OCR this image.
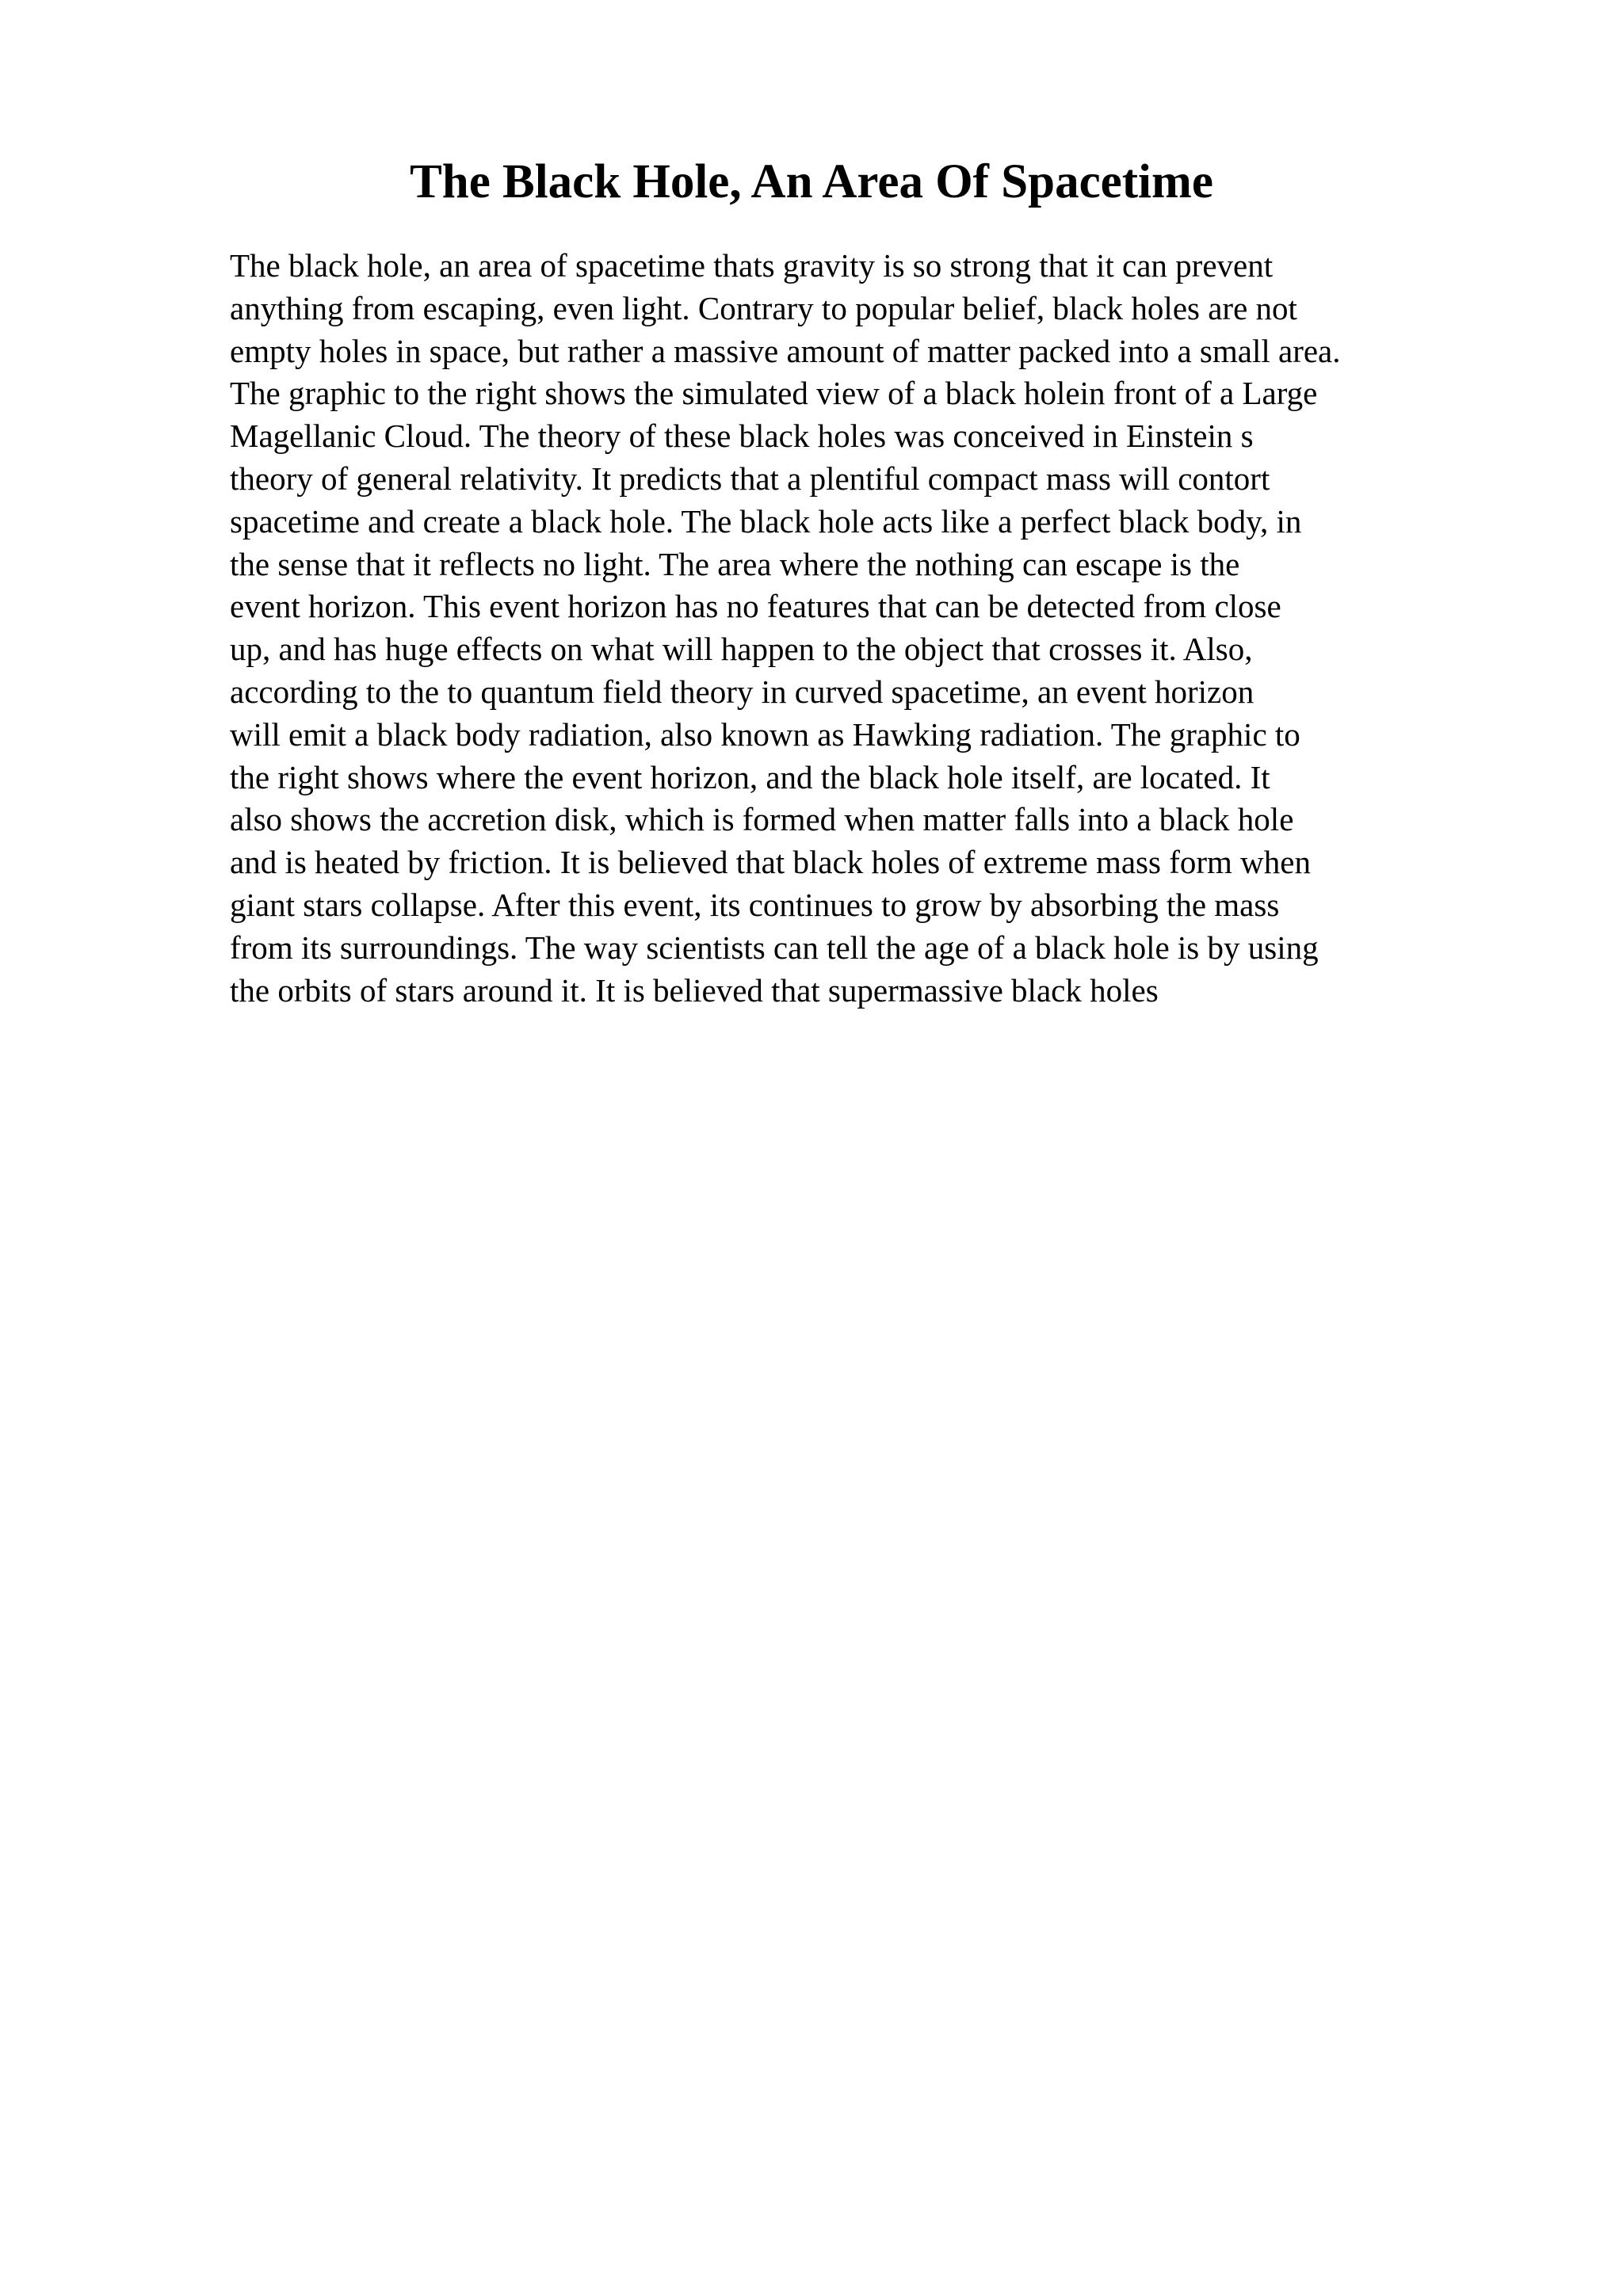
The Black Hole, An Area Of Spacetime
The black hole, an area of spacetime thats gravity is so strong that it can prevent
anything from escaping, even light. Contrary to popular belief, black holes are not
empty holes in space, but rather a massive amount of matter packed into a small area.
The graphic to the right shows the simulated view of a black holein front of a Large
Magellanic Cloud. The theory of these black holes was conceived in Einstein s
theory of general relativity. It predicts that a plentiful compact mass will contort
spacetime and create a black hole. The black hole acts like a perfect black body, in
the sense that it reflects no light. The area where the nothing can escape is the
event horizon. This event horizon has no features that can be detected from close
up, and has huge effects on what will happen to the object that crosses it. Also,
according to the to quantum field theory in curved spacetime, an event horizon
will emit a black body radiation, also known as Hawking radiation. The graphic to
the right shows where the event horizon, and the black hole itself, are located. It
also shows the accretion disk, which is formed when matter falls into a black hole
and is heated by friction. It is believed that black holes of extreme mass form when
giant stars collapse. After this event, its continues to grow by absorbing the mass
from its surroundings. The way scientists can tell the age of a black hole is by using
the orbits of stars around it. It is believed that supermassive black holes
